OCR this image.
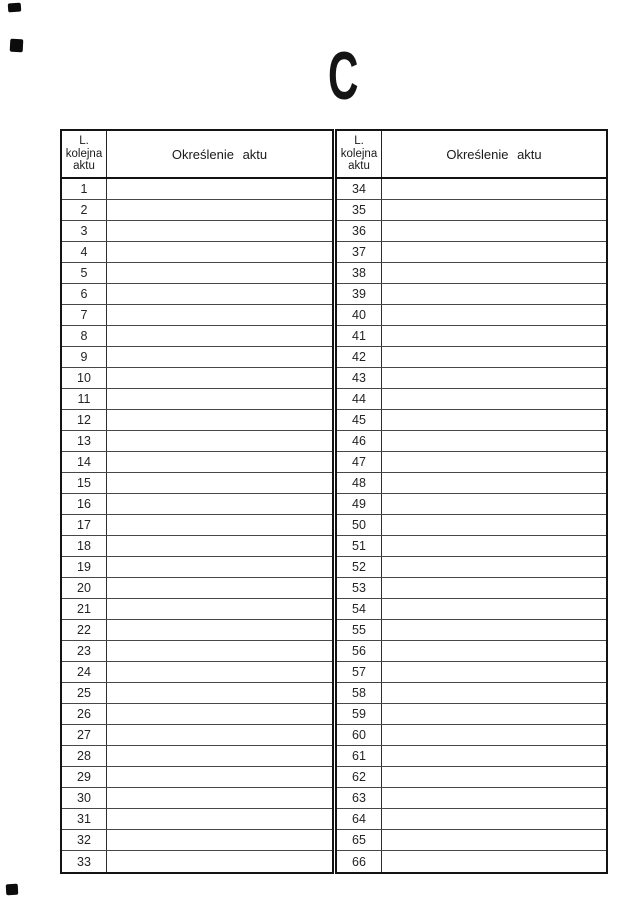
C
L.
kolejna
aktu
Określenie aktu
1
2
3
4
5
6
7
8
9
10
11
12
13
14
15
16
17
18
19
20
21
22
23
24
25
26
27
28
29
30
31
32
33
L.
kolejna
aktu
Określenie aktu
34
35
36
37
38
39
40
41
42
43
44
45
46
47
48
49
50
51
52
53
54
55
56
57
58
59
60
61
62
63
64
65
66
